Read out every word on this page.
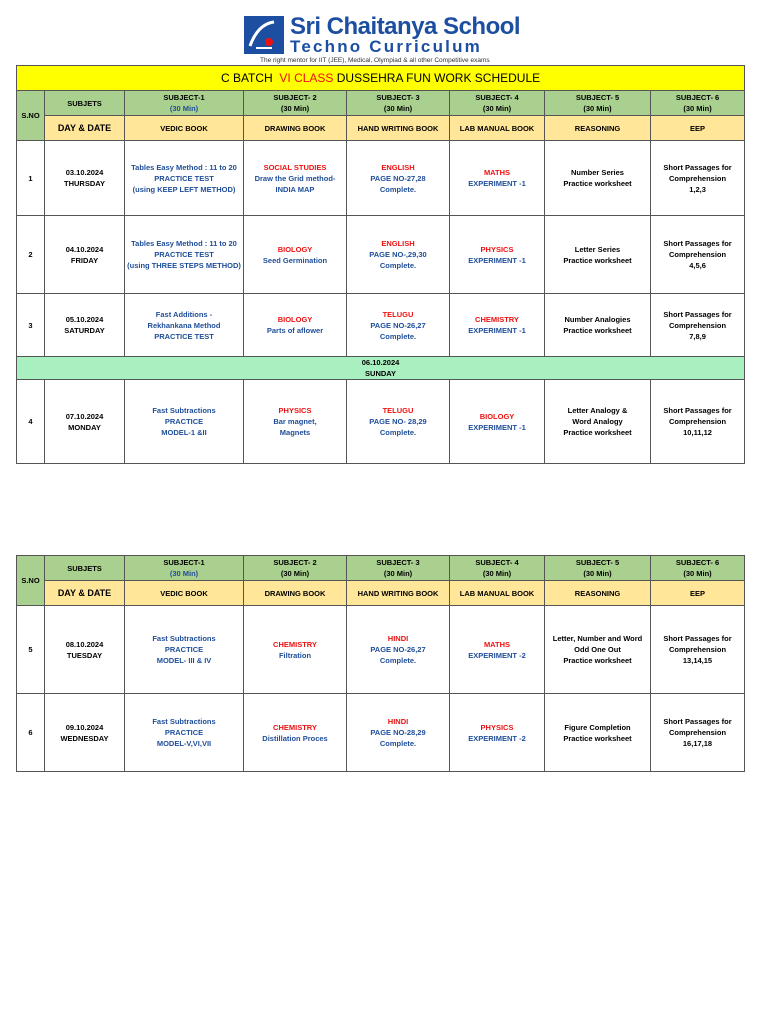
Sri Chaitanya School
Techno Curriculum
The right mentor for IIT (JEE), Medical, Olympiad & all other Competitive exams
C BATCH VI CLASS DUSSEHRA FUN WORK SCHEDULE							
S.NO	SUBJETS	SUBJECT-1
(30 Min)	SUBJECT- 2
(30 Min)	SUBJECT- 3
(30 Min)	SUBJECT- 4
(30 Min)	SUBJECT- 5
(30 Min)	SUBJECT- 6
(30 Min)
	DAY & DATE	VEDIC BOOK	DRAWING BOOK	HAND WRITING BOOK	LAB MANUAL BOOK	REASONING	EEP
1	03.10.2024
THURSDAY	Tables Easy Method : 11 to 20
PRACTICE TEST
(using KEEP LEFT METHOD)	SOCIAL STUDIES
Draw the Grid method-
INDIA MAP	ENGLISH
PAGE NO-27,28
Complete.	MATHS
EXPERIMENT -1	Number Series
Practice worksheet	Short Passages for
Comprehension
1,2,3
2	04.10.2024
FRIDAY	Tables Easy Method : 11 to 20
PRACTICE TEST
(using THREE STEPS METHOD)	BIOLOGY
Seed Germination	ENGLISH
PAGE NO-,29,30
Complete.	PHYSICS
EXPERIMENT -1	Letter Series
Practice worksheet	Short Passages for
Comprehension
4,5,6
3	05.10.2024
SATURDAY	Fast Additions -
Rekhankana Method
PRACTICE TEST	BIOLOGY
Parts of aflower	TELUGU
PAGE NO-26,27
Complete.	CHEMISTRY
EXPERIMENT -1	Number Analogies
Practice worksheet	Short Passages for
Comprehension
7,8,9
06.10.2024
SUNDAY							
4	07.10.2024
MONDAY	Fast Subtractions
PRACTICE
MODEL-1 &II	PHYSICS
Bar magnet,
Magnets	TELUGU
PAGE NO- 28,29
Complete.	BIOLOGY
EXPERIMENT -1	Letter Analogy &
Word Analogy
Practice worksheet	Short Passages for
Comprehension
10,11,12
S.NO	SUBJETS	SUBJECT-1
(30 Min)	SUBJECT- 2
(30 Min)	SUBJECT- 3
(30 Min)	SUBJECT- 4
(30 Min)	SUBJECT- 5
(30 Min)	SUBJECT- 6
(30 Min)
	DAY & DATE	VEDIC BOOK	DRAWING BOOK	HAND WRITING BOOK	LAB MANUAL BOOK	REASONING	EEP
5	08.10.2024
TUESDAY	Fast Subtractions
PRACTICE
MODEL- III & IV	CHEMISTRY
Filtration	HINDI
PAGE NO-26,27
Complete.	MATHS
EXPERIMENT -2	Letter, Number and Word
Odd One Out
Practice worksheet	Short Passages for
Comprehension
13,14,15
6	09.10.2024
WEDNESDAY	Fast Subtractions
PRACTICE
MODEL-V,VI,VII	CHEMISTRY
Distillation Proces	HINDI
PAGE NO-28,29
Complete.	PHYSICS
EXPERIMENT -2	Figure Completion
Practice worksheet	Short Passages for
Comprehension
16,17,18
